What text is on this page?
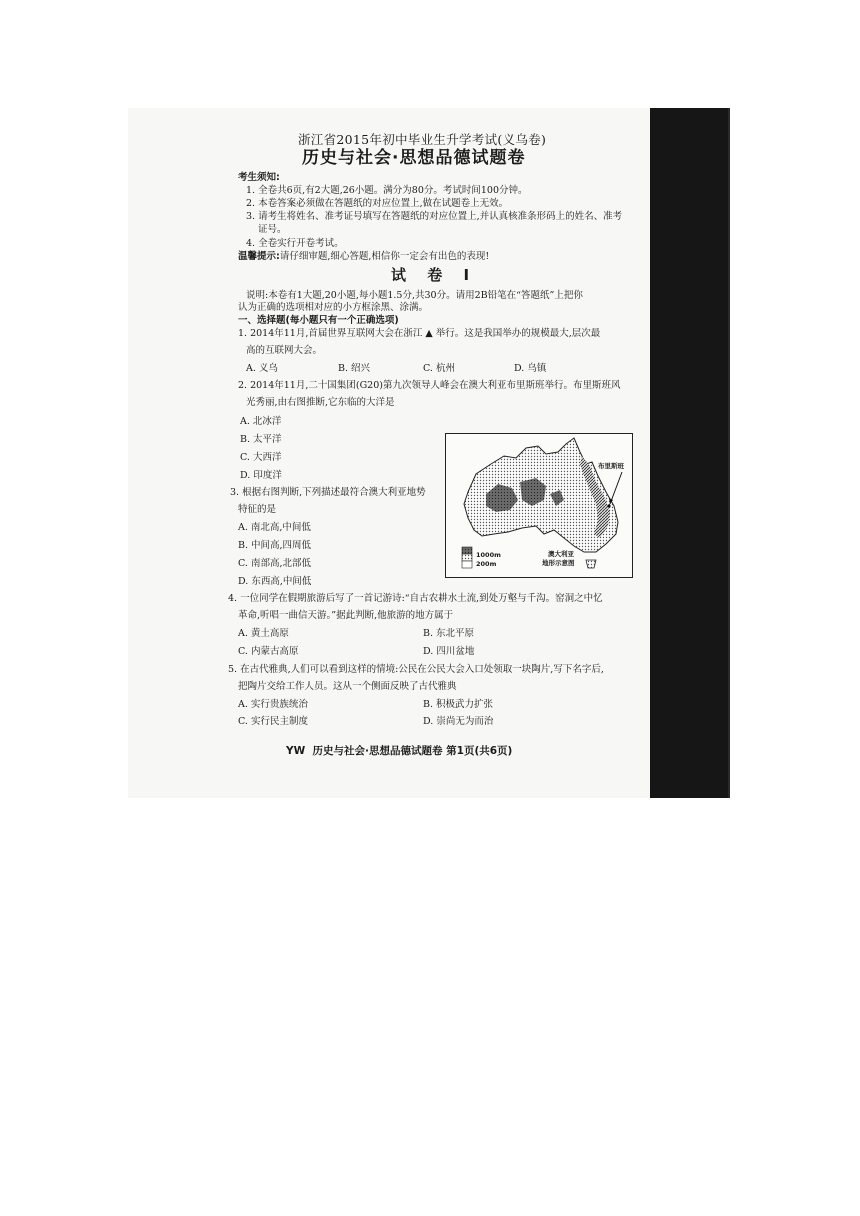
浙江省2015年初中毕业生升学考试(义乌卷)
历史与社会·思想品德试题卷
考生须知:
1. 全卷共6页,有2大题,26小题。满分为80分。考试时间100分钟。
2. 本卷答案必须做在答题纸的对应位置上,做在试题卷上无效。
3. 请考生将姓名、准考证号填写在答题纸的对应位置上,并认真核准条形码上的姓名、准考
证号。
4. 全卷实行开卷考试。
温馨提示:请仔细审题,细心答题,相信你一定会有出色的表现!
试 卷 Ⅰ
说明:本卷有1大题,20小题,每小题1.5分,共30分。请用2B铅笔在“答题纸”上把你
认为正确的选项相对应的小方框涂黑、涂满。
一、选择题(每小题只有一个正确选项)
1. 2014年11月,首届世界互联网大会在浙江 ▲ 举行。这是我国举办的规模最大,层次最
高的互联网大会。
A. 义乌	B. 绍兴	C. 杭州	D. 乌镇
2. 2014年11月,二十国集团(G20)第九次领导人峰会在澳大利亚布里斯班举行。布里斯班风
光秀丽,由右图推断,它东临的大洋是
A. 北冰洋
B. 太平洋
C. 大西洋
D. 印度洋
3. 根据右图判断,下列描述最符合澳大利亚地势
特征的是
A. 南北高,中间低
B. 中间高,四周低
C. 南部高,北部低
D. 东西高,中间低
布里斯班
1000m
200m
澳大利亚
地形示意图
4. 一位同学在假期旅游后写了一首记游诗:“自古农耕水土流,到处万壑与千沟。窑洞之中忆
革命,听唱一曲信天游。”据此判断,他旅游的地方属于
A. 黄土高原	B. 东北平原
C. 内蒙古高原	D. 四川盆地
5. 在古代雅典,人们可以看到这样的情境:公民在公民大会入口处领取一块陶片,写下名字后,
把陶片交给工作人员。这从一个侧面反映了古代雅典
A. 实行贵族统治	B. 积极武力扩张
C. 实行民主制度	D. 崇尚无为而治
YW 历史与社会·思想品德试题卷 第1页(共6页)
